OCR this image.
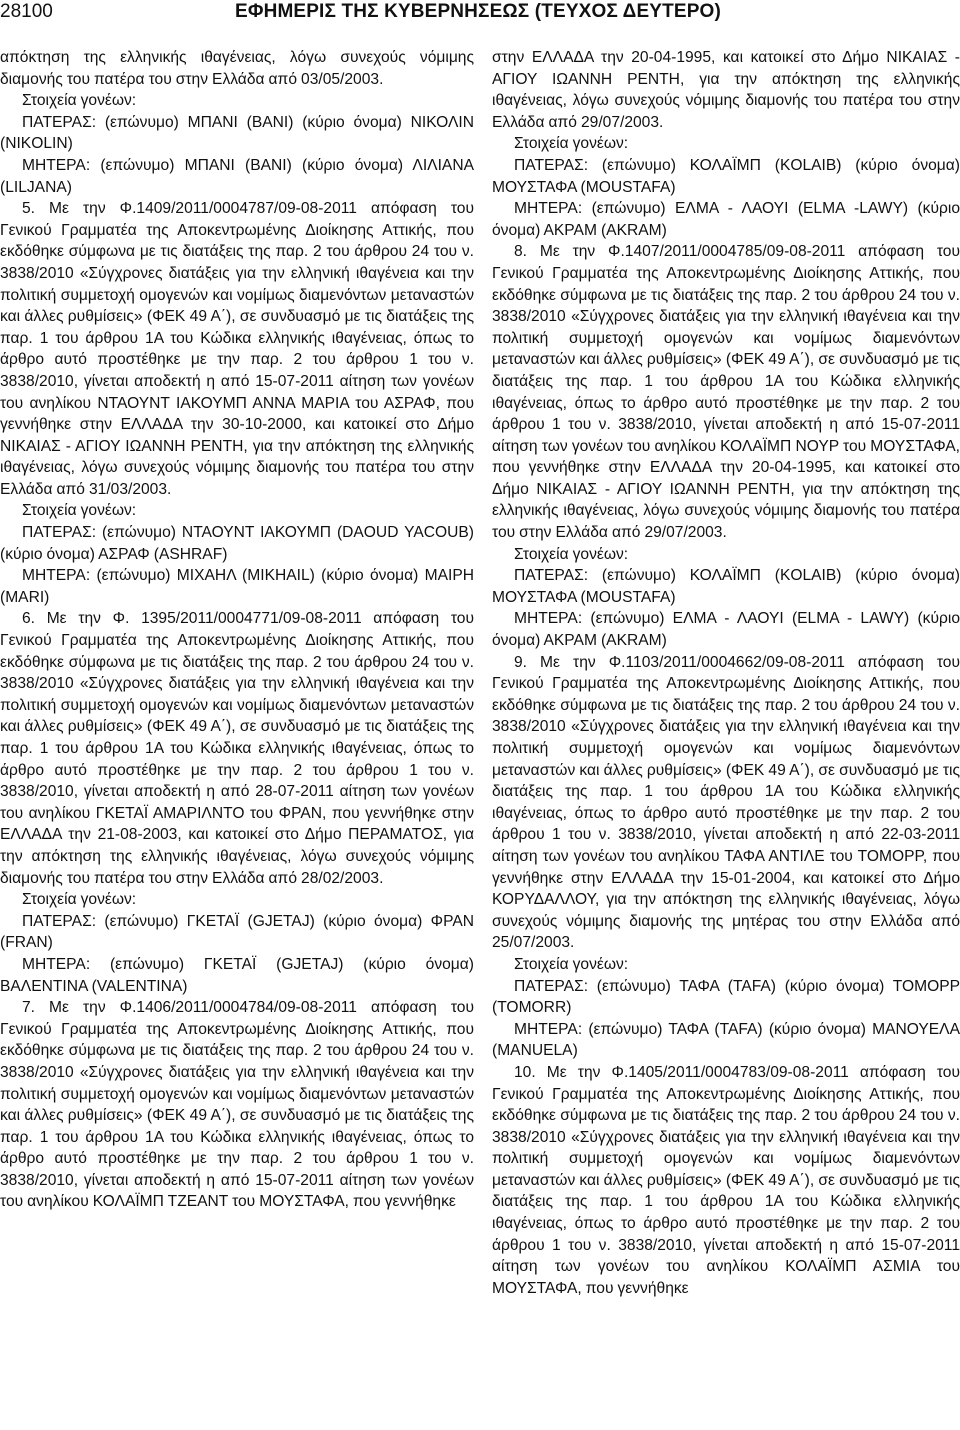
28100	ΕΦΗΜΕΡΙΣ ΤΗΣ ΚΥΒΕΡΝΗΣΕΩΣ (ΤΕΥΧΟΣ ΔΕΥΤΕΡΟ)

απόκτηση της ελληνικής ιθαγένειας, λόγω συνεχούς νόμιμης διαμονής του πατέρα του στην Ελλάδα από 03/05/2003.

Στοιχεία γονέων:

ΠΑΤΕΡΑΣ: (επώνυμο) ΜΠΑΝΙ (BANI) (κύριο όνομα) ΝΙΚΟΛΙΝ (NIKOLIN)

ΜΗΤΕΡΑ: (επώνυμο) ΜΠΑΝΙ (BANI) (κύριο όνομα) ΛΙΛΙΑΝΑ (LILJANA)

5. Με την Φ.1409/2011/0004787/09-08-2011 απόφαση του Γενικού Γραμματέα της Αποκεντρωμένης Διοίκησης Αττικής, που εκδόθηκε σύμφωνα με τις διατάξεις της παρ. 2 του άρθρου 24 του ν. 3838/2010 «Σύγχρονες διατάξεις για την ελληνική ιθαγένεια και την πολιτική συμμετοχή ομογενών και νομίμως διαμενόντων μεταναστών και άλλες ρυθμίσεις» (ΦΕΚ 49 Α΄), σε συνδυασμό με τις διατάξεις της παρ. 1 του άρθρου 1Α του Κώδικα ελληνικής ιθαγένειας, όπως το άρθρο αυτό προστέθηκε με την παρ. 2 του άρθρου 1 του ν. 3838/2010, γίνεται αποδεκτή η από 15-07-2011 αίτηση των γονέων του ανηλίκου ΝΤΑΟΥΝΤ ΙΑΚΟΥΜΠ ΑΝΝΑ ΜΑΡΙΑ του ΑΣΡΑΦ, που γεννήθηκε στην ΕΛΛΑΔΑ την 30-10-2000, και κατοικεί στο Δήμο ΝΙΚΑΙΑΣ - ΑΓΙΟΥ ΙΩΑΝΝΗ ΡΕΝΤΗ, για την απόκτηση της ελληνικής ιθαγένειας, λόγω συνεχούς νόμιμης διαμονής του πατέρα του στην Ελλάδα από 31/03/2003.

Στοιχεία γονέων:

ΠΑΤΕΡΑΣ: (επώνυμο) ΝΤΑΟΥΝΤ ΙΑΚΟΥΜΠ (DAOUD YACOUB) (κύριο όνομα) ΑΣΡΑΦ (ASHRAF)

ΜΗΤΕΡΑ: (επώνυμο) ΜΙΧΑΗΛ (MIKHAIL) (κύριο όνομα) ΜΑΙΡΗ (MARI)

6. Με την Φ. 1395/2011/0004771/09-08-2011 απόφαση του Γενικού Γραμματέα της Αποκεντρωμένης Διοίκησης Αττικής, που εκδόθηκε σύμφωνα με τις διατάξεις της παρ. 2 του άρθρου 24 του ν. 3838/2010 «Σύγχρονες διατάξεις για την ελληνική ιθαγένεια και την πολιτική συμμετοχή ομογενών και νομίμως διαμενόντων μεταναστών και άλλες ρυθμίσεις» (ΦΕΚ 49 Α΄), σε συνδυασμό με τις διατάξεις της παρ. 1 του άρθρου 1Α του Κώδικα ελληνικής ιθαγένειας, όπως το άρθρο αυτό προστέθηκε με την παρ. 2 του άρθρου 1 του ν. 3838/2010, γίνεται αποδεκτή η από 28-07-2011 αίτηση των γονέων του ανηλίκου ΓΚΕΤΑΪ ΑΜΑΡΙΛΝΤΟ του ΦΡΑΝ, που γεννήθηκε στην ΕΛΛΑΔΑ την 21-08-2003, και κατοικεί στο Δήμο ΠΕΡΑΜΑΤΟΣ, για την απόκτηση της ελληνικής ιθαγένειας, λόγω συνεχούς νόμιμης διαμονής του πατέρα του στην Ελλάδα από 28/02/2003.

Στοιχεία γονέων:

ΠΑΤΕΡΑΣ: (επώνυμο) ΓΚΕΤΑΪ (GJETAJ) (κύριο όνομα) ΦΡΑΝ (FRAN)

ΜΗΤΕΡΑ: (επώνυμο) ΓΚΕΤΑΪ (GJETAJ) (κύριο όνομα) ΒΑΛΕΝΤΙΝΑ (VALENTINA)

7. Με την Φ.1406/2011/0004784/09-08-2011 απόφαση του Γενικού Γραμματέα της Αποκεντρωμένης Διοίκησης Αττικής, που εκδόθηκε σύμφωνα με τις διατάξεις της παρ. 2 του άρθρου 24 του ν. 3838/2010 «Σύγχρονες διατάξεις για την ελληνική ιθαγένεια και την πολιτική συμμετοχή ομογενών και νομίμως διαμενόντων μεταναστών και άλλες ρυθμίσεις» (ΦΕΚ 49 Α΄), σε συνδυασμό με τις διατάξεις της παρ. 1 του άρθρου 1Α του Κώδικα ελληνικής ιθαγένειας, όπως το άρθρο αυτό προστέθηκε με την παρ. 2 του άρθρου 1 του ν. 3838/2010, γίνεται αποδεκτή η από 15-07-2011 αίτηση των γονέων του ανηλίκου ΚΟΛΑΪΜΠ ΤΖΕΑΝΤ του ΜΟΥΣΤΑΦΑ, που γεννήθηκε

στην ΕΛΛΑΔΑ την 20-04-1995, και κατοικεί στο Δήμο ΝΙΚΑΙΑΣ - ΑΓΙΟΥ ΙΩΑΝΝΗ ΡΕΝΤΗ, για την απόκτηση της ελληνικής ιθαγένειας, λόγω συνεχούς νόμιμης διαμονής του πατέρα του στην Ελλάδα από 29/07/2003.

Στοιχεία γονέων:

ΠΑΤΕΡΑΣ: (επώνυμο) ΚΟΛΑΪΜΠ (KOLAIB) (κύριο όνομα) ΜΟΥΣΤΑΦΑ (MOUSTAFA)

ΜΗΤΕΡΑ: (επώνυμο) ΕΛΜΑ - ΛΑΟΥΙ (ELMA -LAWY) (κύριο όνομα) ΑΚΡΑΜ (AKRAM)

8. Με την Φ.1407/2011/0004785/09-08-2011 απόφαση του Γενικού Γραμματέα της Αποκεντρωμένης Διοίκησης Αττικής, που εκδόθηκε σύμφωνα με τις διατάξεις της παρ. 2 του άρθρου 24 του ν. 3838/2010 «Σύγχρονες διατάξεις για την ελληνική ιθαγένεια και την πολιτική συμμετοχή ομογενών και νομίμως διαμενόντων μεταναστών και άλλες ρυθμίσεις» (ΦΕΚ 49 Α΄), σε συνδυασμό με τις διατάξεις της παρ. 1 του άρθρου 1Α του Κώδικα ελληνικής ιθαγένειας, όπως το άρθρο αυτό προστέθηκε με την παρ. 2 του άρθρου 1 του ν. 3838/2010, γίνεται αποδεκτή η από 15-07-2011 αίτηση των γονέων του ανηλίκου ΚΟΛΑΪΜΠ ΝΟΥΡ του ΜΟΥΣΤΑΦΑ, που γεννήθηκε στην ΕΛΛΑΔΑ την 20-04-1995, και κατοικεί στο Δήμο ΝΙΚΑΙΑΣ - ΑΓΙΟΥ ΙΩΑΝΝΗ ΡΕΝΤΗ, για την απόκτηση της ελληνικής ιθαγένειας, λόγω συνεχούς νόμιμης διαμονής του πατέρα του στην Ελλάδα από 29/07/2003.

Στοιχεία γονέων:

ΠΑΤΕΡΑΣ: (επώνυμο) ΚΟΛΑΪΜΠ (KOLAIB) (κύριο όνομα) ΜΟΥΣΤΑΦΑ (MOUSTAFA)

ΜΗΤΕΡΑ: (επώνυμο) ΕΛΜΑ - ΛΑΟΥΙ (ELMA - LAWY) (κύριο όνομα) ΑΚΡΑΜ (AKRAM)

9. Με την Φ.1103/2011/0004662/09-08-2011 απόφαση του Γενικού Γραμματέα της Αποκεντρωμένης Διοίκησης Αττικής, που εκδόθηκε σύμφωνα με τις διατάξεις της παρ. 2 του άρθρου 24 του ν. 3838/2010 «Σύγχρονες διατάξεις για την ελληνική ιθαγένεια και την πολιτική συμμετοχή ομογενών και νομίμως διαμενόντων μεταναστών και άλλες ρυθμίσεις» (ΦΕΚ 49 Α΄), σε συνδυασμό με τις διατάξεις της παρ. 1 του άρθρου 1Α του Κώδικα ελληνικής ιθαγένειας, όπως το άρθρο αυτό προστέθηκε με την παρ. 2 του άρθρου 1 του ν. 3838/2010, γίνεται αποδεκτή η από 22-03-2011 αίτηση των γονέων του ανηλίκου ΤΑΦΑ ΑΝΤΙΛΕ του ΤΟΜΟΡΡ, που γεννήθηκε στην ΕΛΛΑΔΑ την 15-01-2004, και κατοικεί στο Δήμο ΚΟΡΥΔΑΛΛΟΥ, για την απόκτηση της ελληνικής ιθαγένειας, λόγω συνεχούς νόμιμης διαμονής της μητέρας του στην Ελλάδα από 25/07/2003.

Στοιχεία γονέων:

ΠΑΤΕΡΑΣ: (επώνυμο) ΤΑΦΑ (TAFA) (κύριο όνομα) ΤΟΜΟΡΡ (TOMORR)

ΜΗΤΕΡΑ: (επώνυμο) ΤΑΦΑ (TAFA) (κύριο όνομα) ΜΑΝΟΥΕΛΑ (MANUELA)

10. Με την Φ.1405/2011/0004783/09-08-2011 απόφαση του Γενικού Γραμματέα της Αποκεντρωμένης Διοίκησης Αττικής, που εκδόθηκε σύμφωνα με τις διατάξεις της παρ. 2 του άρθρου 24 του ν. 3838/2010 «Σύγχρονες διατάξεις για την ελληνική ιθαγένεια και την πολιτική συμμετοχή ομογενών και νομίμως διαμενόντων μεταναστών και άλλες ρυθμίσεις» (ΦΕΚ 49 Α΄), σε συνδυασμό με τις διατάξεις της παρ. 1 του άρθρου 1Α του Κώδικα ελληνικής ιθαγένειας, όπως το άρθρο αυτό προστέθηκε με την παρ. 2 του άρθρου 1 του ν. 3838/2010, γίνεται αποδεκτή η από 15-07-2011 αίτηση των γονέων του ανηλίκου ΚΟΛΑΪΜΠ ΑΣΜΙΑ του ΜΟΥΣΤΑΦΑ, που γεννήθηκε
